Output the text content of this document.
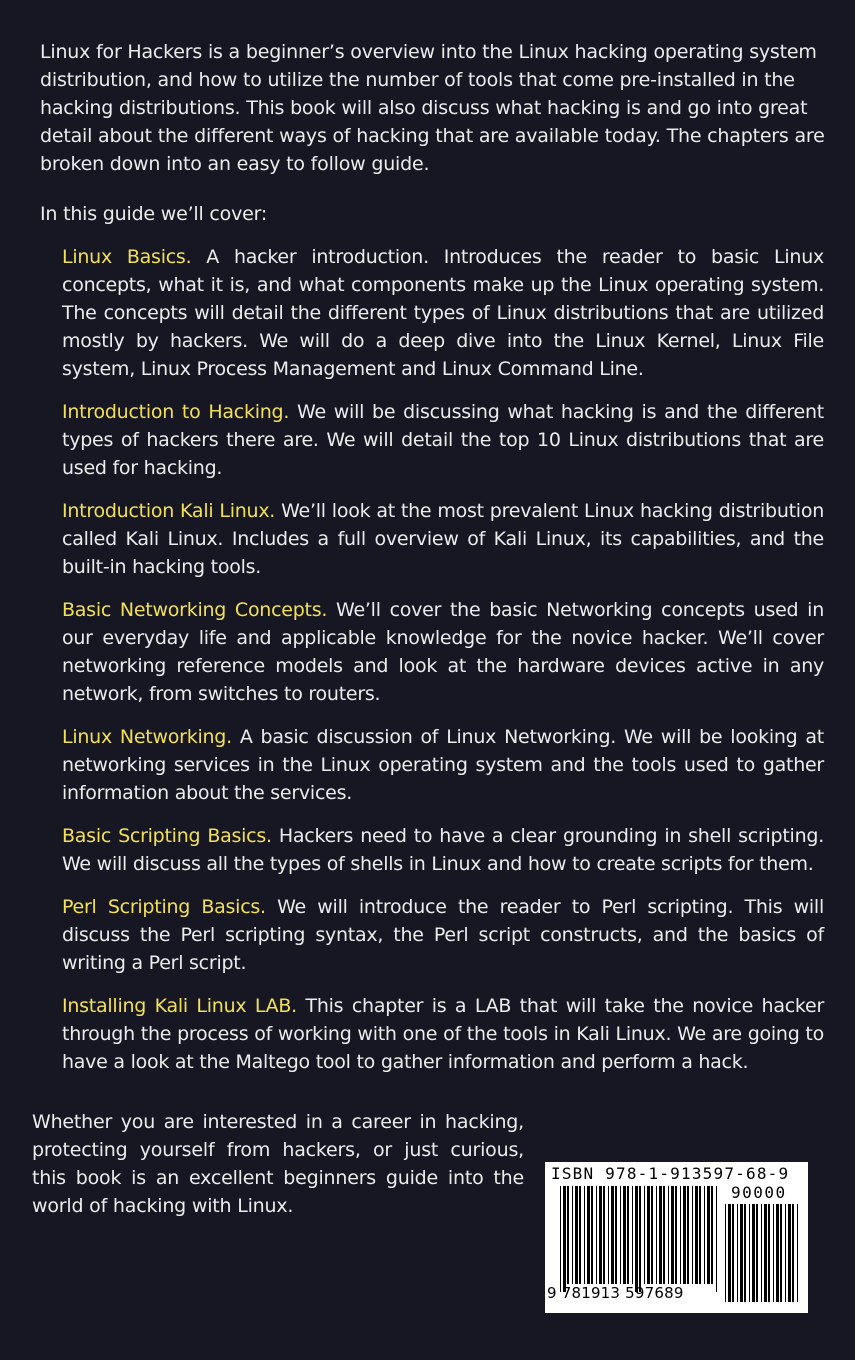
Linux for Hackers is a beginner’s overview into the Linux hacking operating system distribution, and how to utilize the number of tools that come pre-installed in the hacking distributions. This book will also discuss what hacking is and go into great detail about the different ways of hacking that are available today. The chapters are broken down into an easy to follow guide.

In this guide we’ll cover:

Linux Basics. A hacker introduction. Introduces the reader to basic Linux concepts, what it is, and what components make up the Linux operating system. The concepts will detail the different types of Linux distributions that are utilized mostly by hackers. We will do a deep dive into the Linux Kernel, Linux File system, Linux Process Management and Linux Command Line.

Introduction to Hacking. We will be discussing what hacking is and the different types of hackers there are. We will detail the top 10 Linux distributions that are used for hacking.

Introduction Kali Linux. We’ll look at the most prevalent Linux hacking distribution called Kali Linux. Includes a full overview of Kali Linux, its capabilities, and the built-in hacking tools.

Basic Networking Concepts. We’ll cover the basic Networking concepts used in our everyday life and applicable knowledge for the novice hacker. We’ll cover networking reference models and look at the hardware devices active in any network, from switches to routers.

Linux Networking. A basic discussion of Linux Networking. We will be looking at networking services in the Linux operating system and the tools used to gather information about the services.

Basic Scripting Basics. Hackers need to have a clear grounding in shell scripting. We will discuss all the types of shells in Linux and how to create scripts for them.

Perl Scripting Basics. We will introduce the reader to Perl scripting. This will discuss the Perl scripting syntax, the Perl script constructs, and the basics of writing a Perl script.

Installing Kali Linux LAB. This chapter is a LAB that will take the novice hacker through the process of working with one of the tools in Kali Linux. We are going to have a look at the Maltego tool to gather information and perform a hack.

Whether you are interested in a career in hacking, protecting yourself from hackers, or just curious, this book is an excellent beginners guide into the world of hacking with Linux.

ISBN 978-1-913597-68-9
90000
9 781913 597689
